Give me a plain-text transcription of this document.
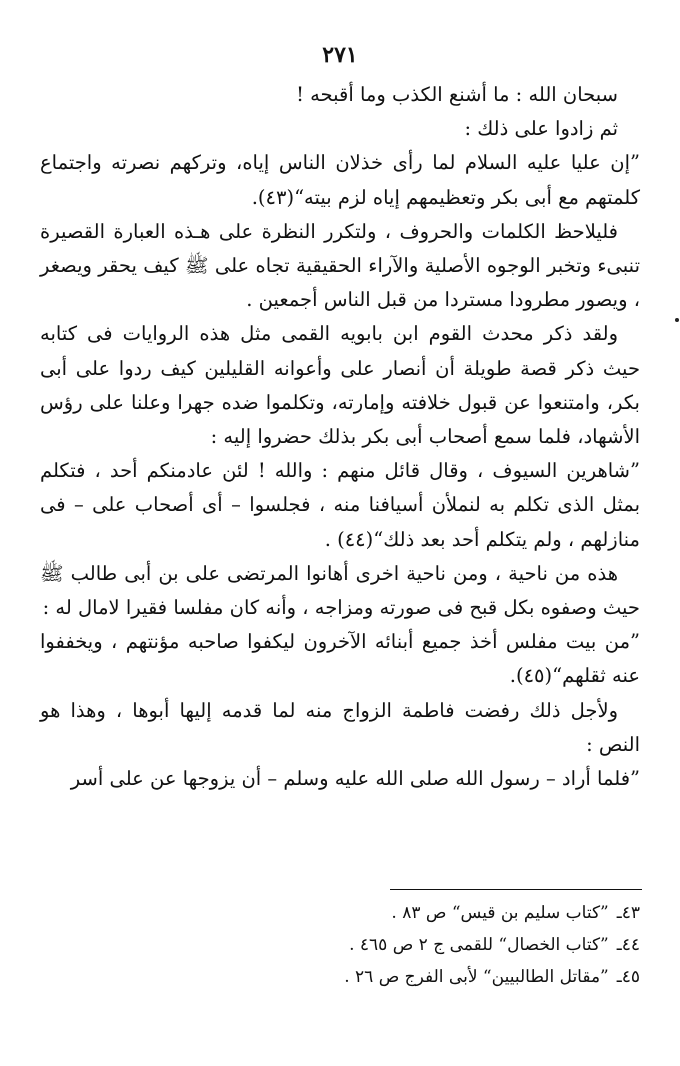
٢٧١

سبحان الله : ما أشنع الكذب وما أقبحه !

ثم زادوا على ذلك :

”إن عليا عليه السلام لما رأى خذلان الناس إياه، وتركهم نصرته واجتماع كلمتهم مع أبى بكر وتعظيمهم إياه لزم بيته“(٤٣).

فليلاحظ الكلمات والحروف ، ولتكرر النظرة على هـذه العبارة القصيرة تنبىء وتخبر الوجوه الأصلية والآراء الحقيقية تجاه على ﷺ كيف يحقر ويصغر ، ويصور مطرودا مستردا من قبل الناس أجمعين .

ولقد ذكر محدث القوم ابن بابويه القمى مثل هذه الروايات فى كتابه حيث ذكر قصة طويلة أن أنصار على وأعوانه القليلين كيف ردوا على أبى بكر، وامتنعوا عن قبول خلافته وإمارته، وتكلموا ضده جهرا وعلنا على رؤس الأشهاد، فلما سمع أصحاب أبى بكر بذلك حضروا إليه :

”شاهرين السيوف ، وقال قائل منهم : والله ! لئن عادمنكم أحد ، فتكلم بمثل الذى تكلم به لنملأن أسيافنا منه ، فجلسوا – أى أصحاب على – فى منازلهم ، ولم يتكلم أحد بعد ذلك“(٤٤) .

هذه من ناحية ، ومن ناحية اخرى أهانوا المرتضى على بن أبى طالب ﷺ حيث وصفوه بكل قبح فى صورته ومزاجه ، وأنه كان مفلسا فقيرا لامال له :

”من بيت مفلس أخذ جميع أبنائه الآخرون ليكفوا صاحبه مؤنتهم ، ويخففوا عنه ثقلهم“(٤٥).

ولأجل ذلك رفضت فاطمة الزواج منه لما قدمه إليها أبوها ، وهذا هو النص :

”فلما أراد – رسول الله صلى الله عليه وسلم – أن يزوجها عن على أسر

٤٣ـ”كتاب سليم بن قيس“ ص ٨٣ .

٤٤ـ”كتاب الخصال“ للقمى ج ٢ ص ٤٦٥ .

٤٥ـ”مقاتل الطالبيين“ لأبى الفرج ص ٢٦ .
